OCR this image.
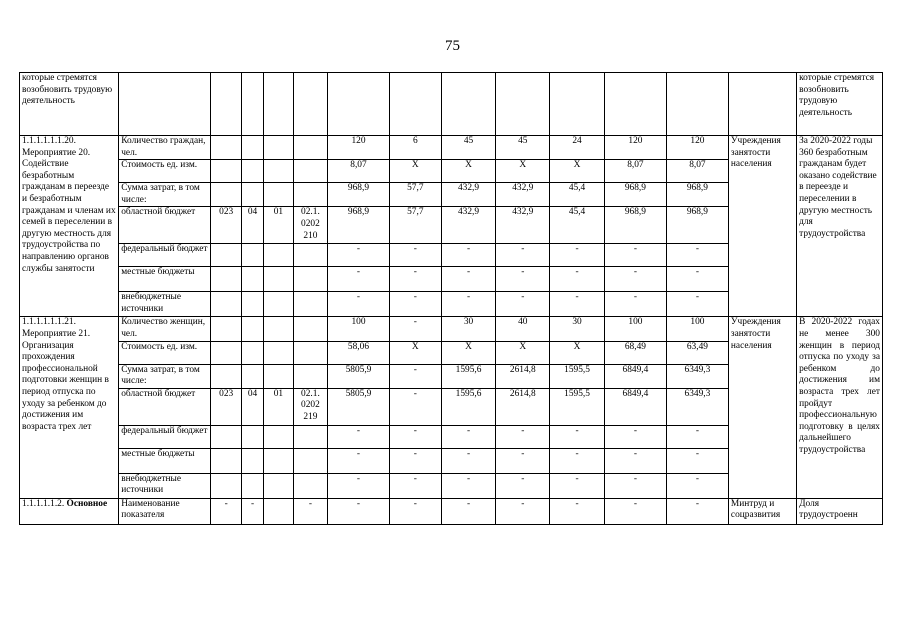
75
которые стремятся возобновить трудовую деятельность														которые стремятся возобновить трудовую деятельность
1.1.1.1.1.1.20. Мероприятие 20. Содействие безработным гражданам в переезде и безработным гражданам и членам их семей в переселении в другую местность для трудоустройства по направлению органов службы занятости	Количество граждан, чел.					120	6	45	45	24	120	120	Учреждения занятости населения	За 2020-2022 годы 360 безработным гражданам будет оказано содействие в переезде и переселении в другую местность для трудоустройства
	Стоимость ед. изм.					8,07	Х	Х	Х	Х	8,07	8,07		
	Сумма затрат, в том числе:					968,9	57,7	432,9	432,9	45,4	968,9	968,9		
	областной бюджет	023	04	01	02.1. 0202 210	968,9	57,7	432,9	432,9	45,4	968,9	968,9		
	федеральный бюджет					-	-	-	-	-	-	-		
	местные бюджеты					-	-	-	-	-	-	-		
	внебюджетные источники					-	-	-	-	-	-	-		
1.1.1.1.1.1.21. Мероприятие 21. Организация прохождения профессиональной подготовки женщин в период отпуска по уходу за ребенком до достижения им возраста трех лет	Количество женщин, чел.					100	-	30	40	30	100	100	Учреждения занятости населения	В 2020-2022 годах не менее 300 женщин в период отпуска по уходу за ребенком до достижения им возраста трех лет пройдут профессиональную подготовку в целях дальнейшего трудоустройства
	Стоимость ед. изм.					58,06	Х	Х	Х	Х	68,49	63,49		
	Сумма затрат, в том числе:					5805,9	-	1595,6	2614,8	1595,5	6849,4	6349,3		
	областной бюджет	023	04	01	02.1. 0202 219	5805,9	-	1595,6	2614,8	1595,5	6849,4	6349,3		
	федеральный бюджет					-	-	-	-	-	-	-		
	местные бюджеты					-	-	-	-	-	-	-		
	внебюджетные источники					-	-	-	-	-	-	-		
1.1.1.1.1.2. Основное	Наименование показателя	-	-		-	-	-	-	-	-	-	-	Минтруд и соцразвития	Доля трудоустроенн
